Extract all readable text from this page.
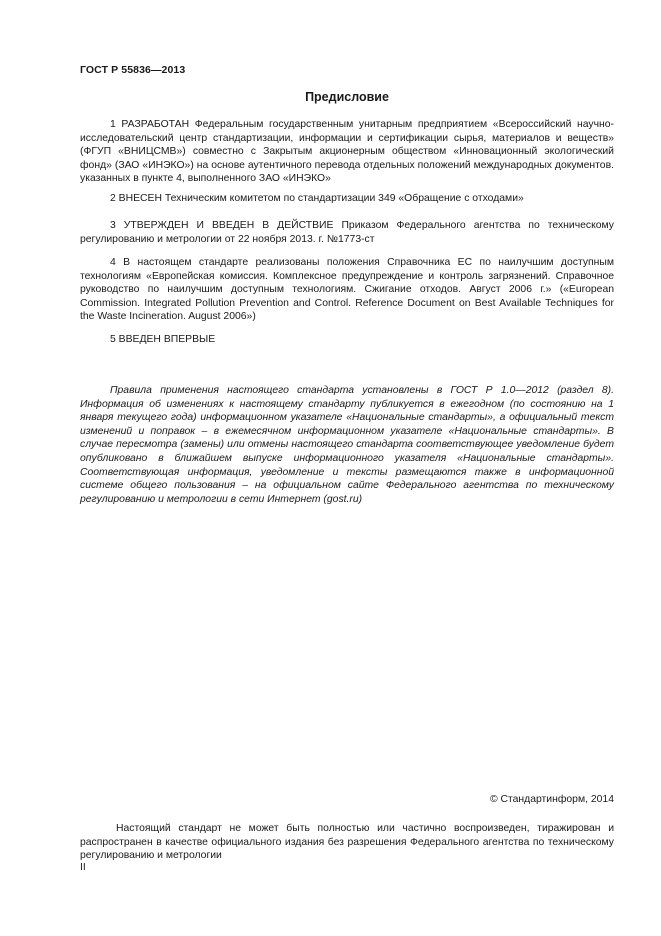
ГОСТ Р 55836—2013
Предисловие

1 РАЗРАБОТАН Федеральным государственным унитарным предприятием «Всероссийский научно-исследовательский центр стандартизации, информации и сертификации сырья, материалов и веществ» (ФГУП «ВНИЦСМВ») совместно с Закрытым акционерным обществом «Инновационный экологический фонд» (ЗАО «ИНЭКО») на основе аутентичного перевода отдельных положений международных документов. указанных в пункте 4, выполненного ЗАО «ИНЭКО»

2 ВНЕСЕН Техническим комитетом по стандартизации 349 «Обращение с отходами»

3 УТВЕРЖДЕН И ВВЕДЕН В ДЕЙСТВИЕ Приказом Федерального агентства по техническому регулированию и метрологии от 22 ноября 2013. г. №1773-ст

4 В настоящем стандарте реализованы положения Справочника ЕС по наилучшим доступным технологиям «Европейская комиссия. Комплексное предупреждение и контроль загрязнений. Справочное руководство по наилучшим доступным технологиям. Сжигание отходов. Август 2006 г.» («European Commission. Integrated Pollution Prevention and Control. Reference Document on Best Available Techniques for the Waste Incineration. August 2006»)

5 ВВЕДЕН ВПЕРВЫЕ

Правила применения настоящего стандарта установлены в ГОСТ Р 1.0—2012 (раздел 8). Информация об изменениях к настоящему стандарту публикуется в ежегодном (по состоянию на 1 января текущего года) информационном указателе «Национальные стандарты», а официальный текст изменений и поправок – в ежемесячном информационном указателе «Национальные стандарты». В случае пересмотра (замены) или отмены настоящего стандарта соответствующее уведомление будет опубликовано в ближайшем выпуске информационного указателя «Национальные стандарты». Соответствующая информация, уведомление и тексты размещаются также в информационной системе общего пользования – на официальном сайте Федерального агентства по техническому регулированию и метрологии в сети Интернет (gost.ru)

© Стандартинформ, 2014

Настоящий стандарт не может быть полностью или частично воспроизведен, тиражирован и распространен в качестве официального издания без разрешения Федерального агентства по техническому регулированию и метрологии

II
